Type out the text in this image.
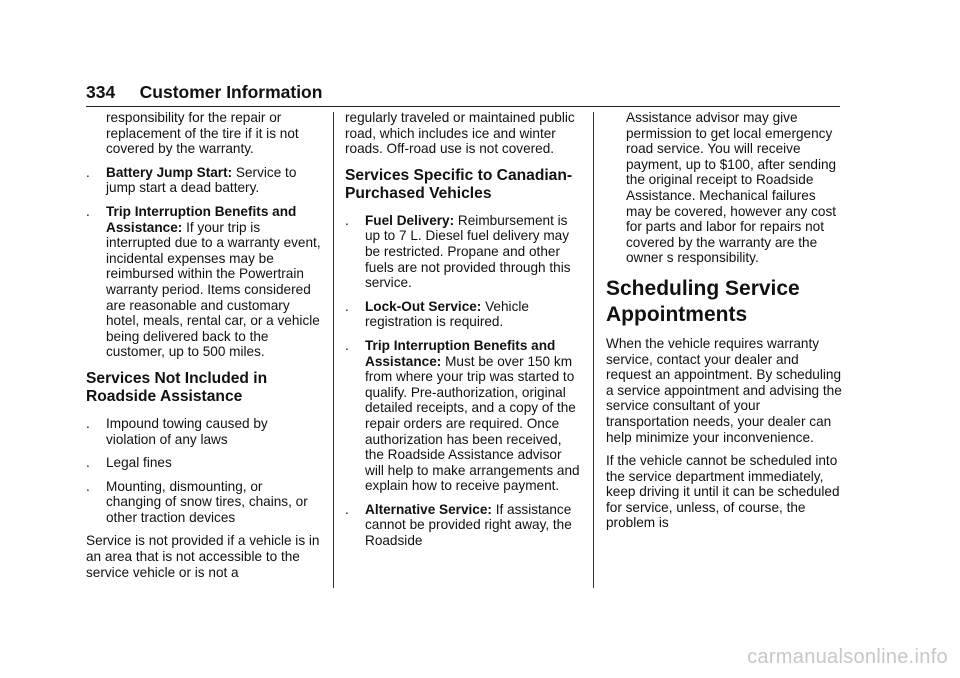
334 Customer Information
responsibility for the repair or replacement of the tire if it is not covered by the warranty.
. Battery Jump Start: Service to jump start a dead battery.
. Trip Interruption Benefits and Assistance: If your trip is interrupted due to a warranty event, incidental expenses may be reimbursed within the Powertrain warranty period. Items considered are reasonable and customary hotel, meals, rental car, or a vehicle being delivered back to the customer, up to 500 miles.
Services Not Included in Roadside Assistance
. Impound towing caused by violation of any laws
. Legal fines
. Mounting, dismounting, or changing of snow tires, chains, or other traction devices

Service is not provided if a vehicle is in an area that is not accessible to the service vehicle or is not a

regularly traveled or maintained public road, which includes ice and winter roads. Off-road use is not covered.
Services Specific to Canadian-Purchased Vehicles
. Fuel Delivery: Reimbursement is up to 7 L. Diesel fuel delivery may be restricted. Propane and other fuels are not provided through this service.
. Lock-Out Service: Vehicle registration is required.
. Trip Interruption Benefits and Assistance: Must be over 150 km from where your trip was started to qualify. Pre-authorization, original detailed receipts, and a copy of the repair orders are required. Once authorization has been received, the Roadside Assistance advisor will help to make arrangements and explain how to receive payment.
. Alternative Service: If assistance cannot be provided right away, the Roadside
Assistance advisor may give permission to get local emergency road service. You will receive payment, up to $100, after sending the original receipt to Roadside Assistance. Mechanical failures may be covered, however any cost for parts and labor for repairs not covered by the warranty are the owner s responsibility.
Scheduling Service Appointments

When the vehicle requires warranty service, contact your dealer and request an appointment. By scheduling a service appointment and advising the service consultant of your transportation needs, your dealer can help minimize your inconvenience.

If the vehicle cannot be scheduled into the service department immediately, keep driving it until it can be scheduled for service, unless, of course, the problem is

carmanualsonline.info
